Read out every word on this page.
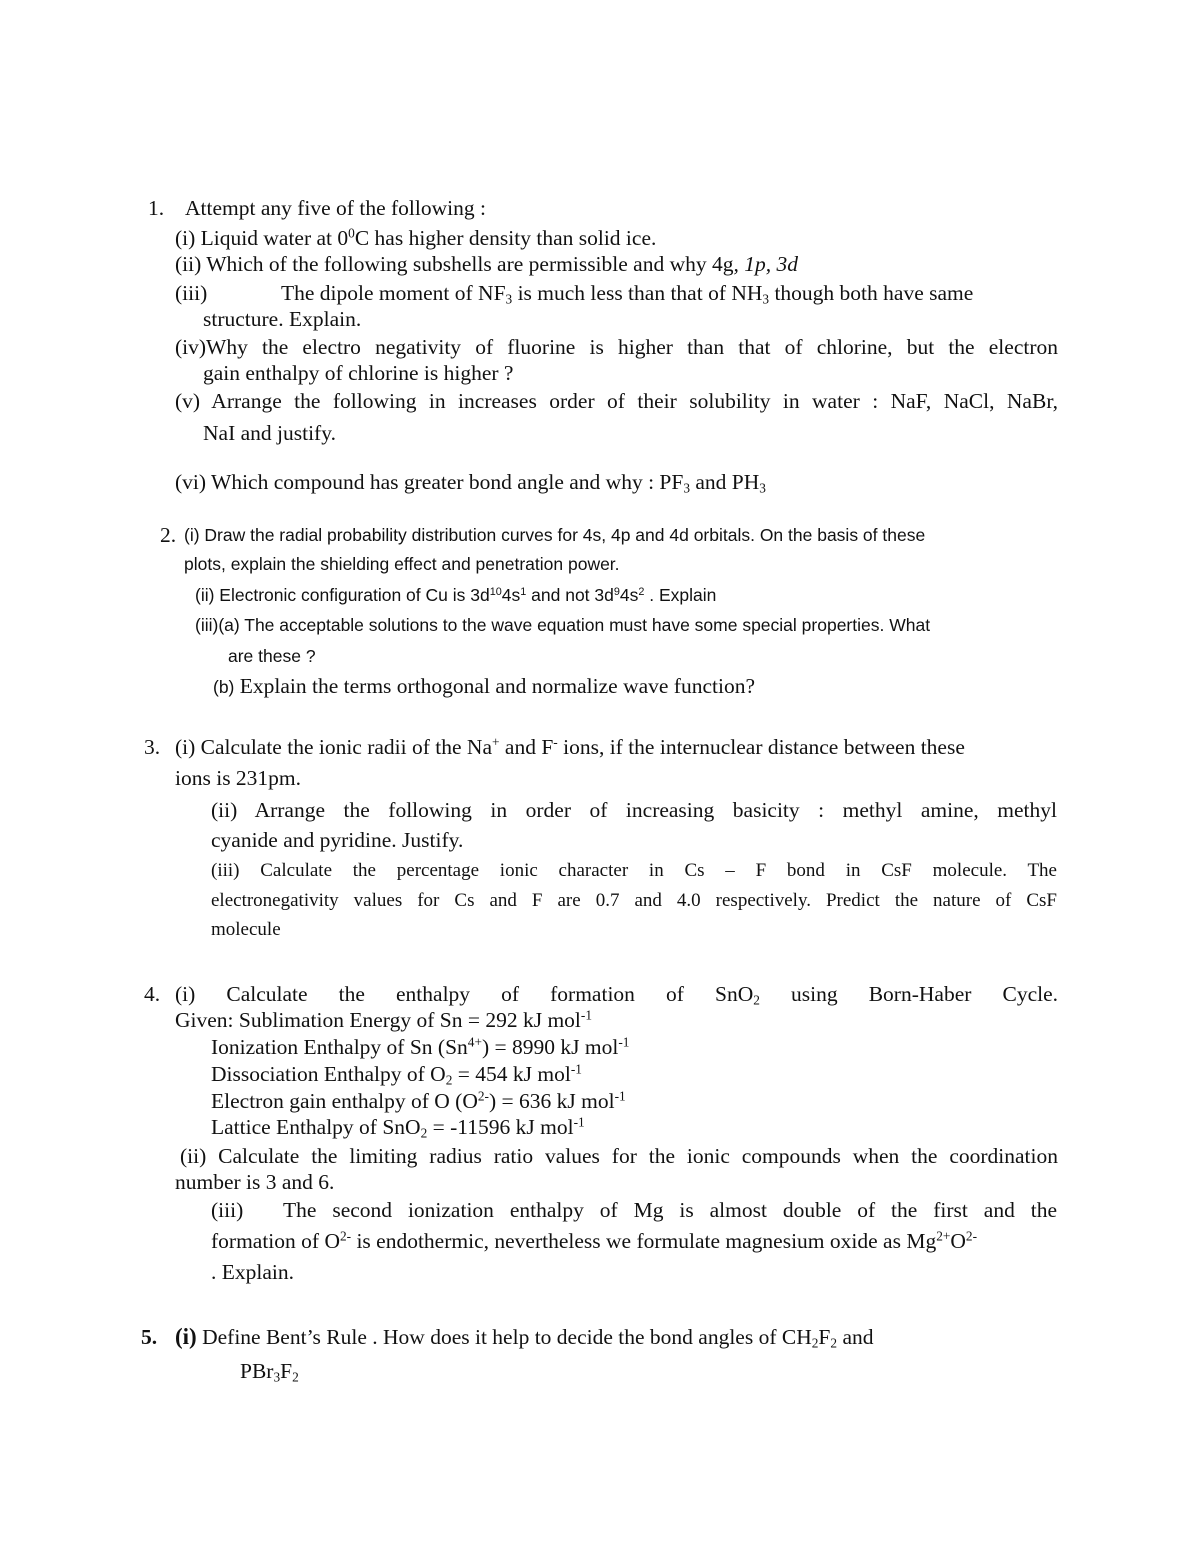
1. Attempt any five of the following :
(i) Liquid water at $0^0C$ has higher density than solid ice.
(ii) Which of the following subshells are permissible and why 4g, 1p, 3d
(iii)	The dipole moment of $NF_3$ is much less than that of $NH_3$ though both have same
structure. Explain.
(iv)Why the electro negativity of fluorine is higher than that of chlorine, but the electron
gain enthalpy of chlorine is higher ?
(v) Arrange the following in increases order of their solubility in water : NaF, NaCl, NaBr,
NaI and justify.
(vi) Which compound has greater bond angle and why : $PF_3$ and $PH_3$
2. (i) Draw the radial probability distribution curves for 4s, 4p and 4d orbitals. On the basis of these
plots, explain the shielding effect and penetration power.
(ii) Electronic configuration of Cu is $3d^{10}4s^1$ and not $3d^94s^2$ . Explain
(iii)(a) The acceptable solutions to the wave equation must have some special properties. What
are these ?
(b) Explain the terms orthogonal and normalize wave function?
3. (i) Calculate the ionic radii of the Na+ and F- ions, if the internuclear distance between these
ions is 231pm.
(ii) Arrange the following in order of increasing basicity : methyl amine, methyl
cyanide and pyridine. Justify.
(iii) Calculate the percentage ionic character in Cs – F bond in CsF molecule. The
electronegativity values for Cs and F are 0.7 and 4.0 respectively. Predict the nature of CsF
molecule
4. (i) Calculate the enthalpy of formation of SnO$_2$ using Born-Haber Cycle.
Given: Sublimation Energy of Sn = 292 kJ mol$^{-1}$
Ionization Enthalpy of Sn $(Sn^{4+}) = 8990$ kJ mol$^{-1}$
Dissociation Enthalpy of $O_2 = 454$ kJ mol$^{-1}$
Electron gain enthalpy of O $(O^{2-}) = 636$ kJ mol$^{-1}$
Lattice Enthalpy of SnO$_2$ = -11596 kJ mol$^{-1}$
(ii) Calculate the limiting radius ratio values for the ionic compounds when the coordination
number is 3 and 6.
(iii) The second ionization enthalpy of Mg is almost double of the first and the
formation of $O^{2-}$ is endothermic, nevertheless we formulate magnesium oxide as $Mg^{2+}O^{2-}$
. Explain.
5. (i) Define Bent’s Rule . How does it help to decide the bond angles of $CH_2F_2$ and
$PBr_3F_2$
